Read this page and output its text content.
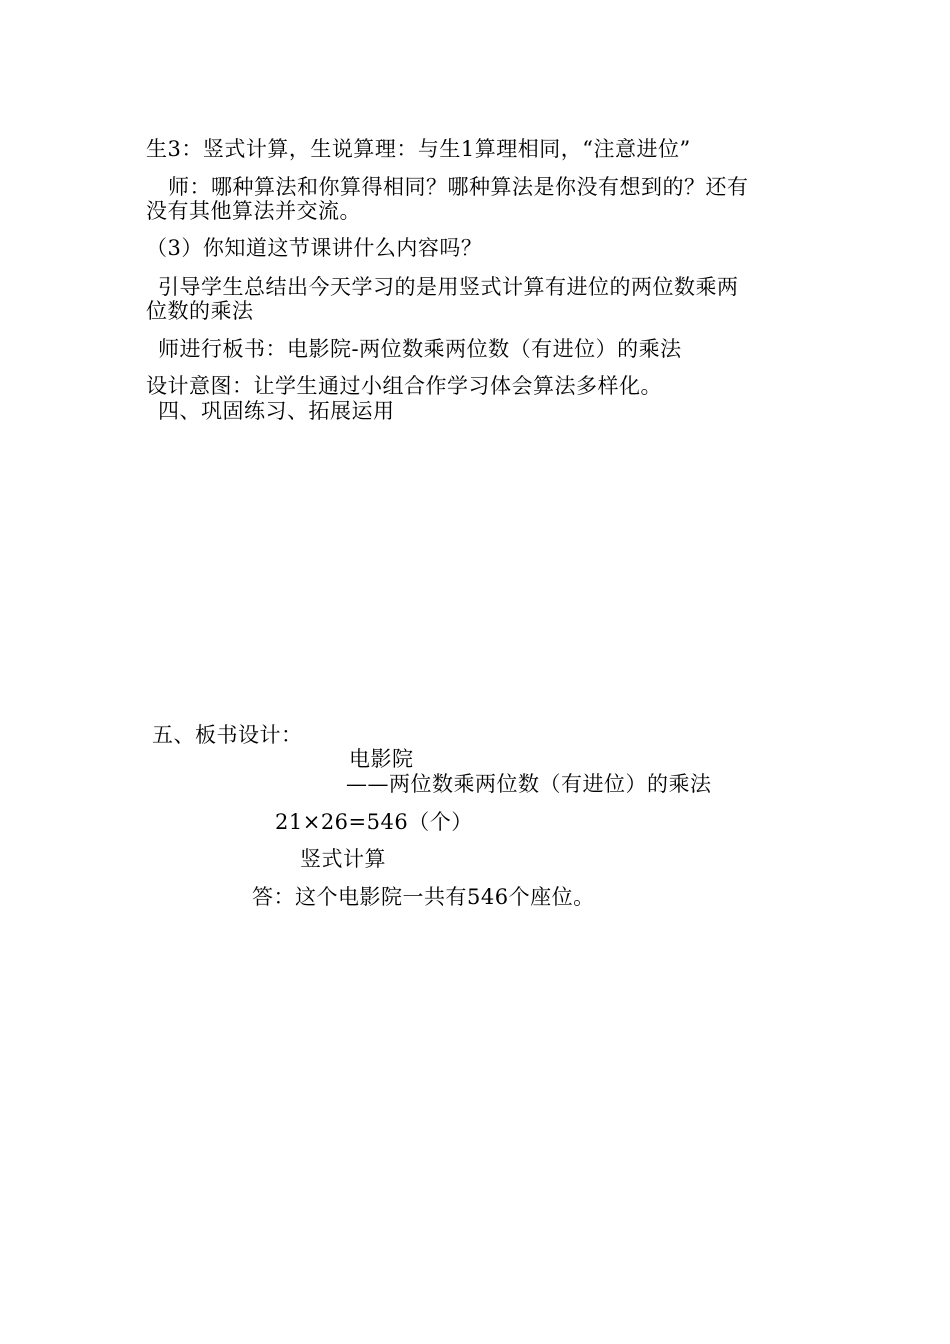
生3：竖式计算，生说算理：与生1算理相同，“注意进位”
师：哪种算法和你算得相同？哪种算法是你没有想到的？还有
没有其他算法并交流。
（3）你知道这节课讲什么内容吗？
引导学生总结出今天学习的是用竖式计算有进位的两位数乘两
位数的乘法
师进行板书：电影院-两位数乘两位数（有进位）的乘法
设计意图：让学生通过小组合作学习体会算法多样化。
四、巩固练习、拓展运用
五、板书设计：
电影院
——两位数乘两位数（有进位）的乘法
21×26=546（个）
竖式计算
答：这个电影院一共有546个座位。
